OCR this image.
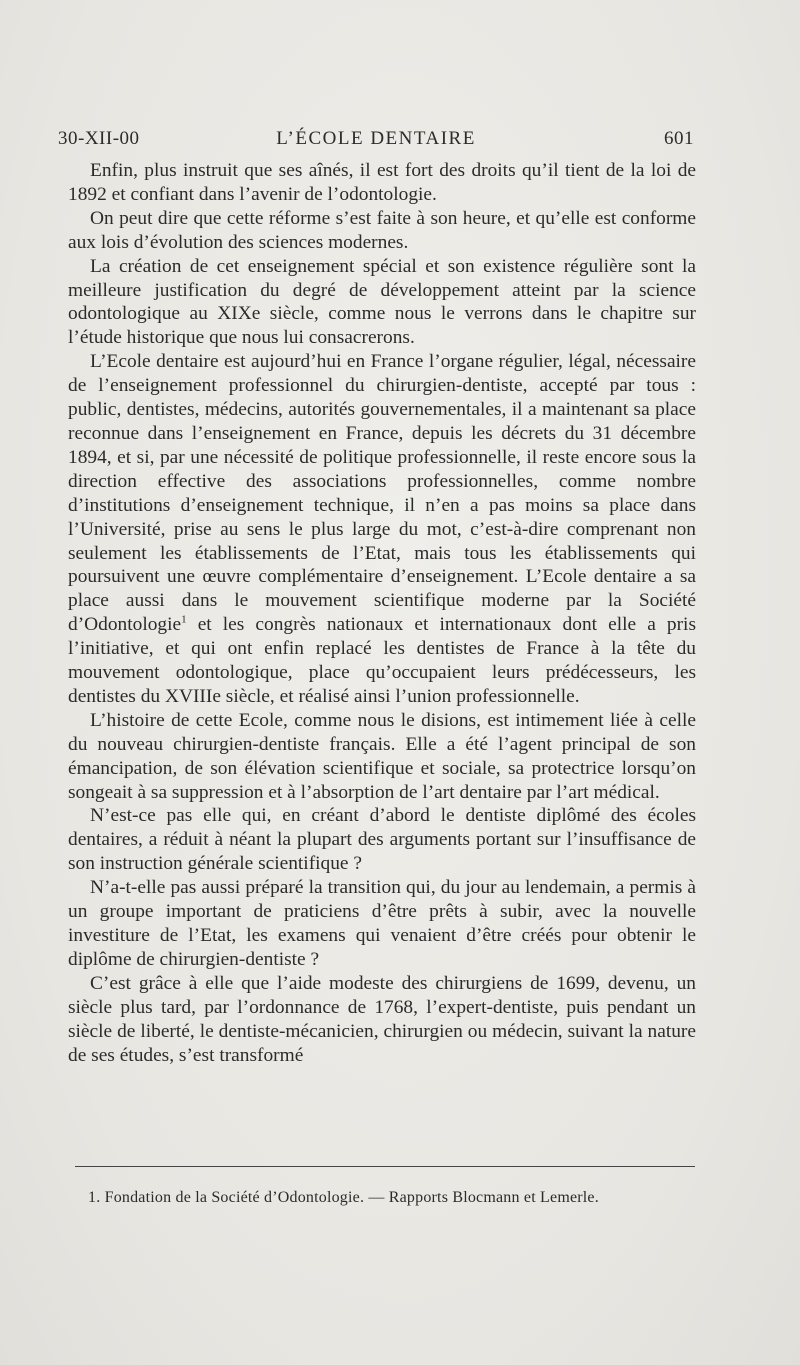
30-XII-00	L’ÉCOLE DENTAIRE	601

Enfin, plus instruit que ses aînés, il est fort des droits qu’il tient de la loi de 1892 et confiant dans l’avenir de l’odontologie.

On peut dire que cette réforme s’est faite à son heure, et qu’elle est conforme aux lois d’évolution des sciences modernes.

La création de cet enseignement spécial et son existence régulière sont la meilleure justification du degré de développement atteint par la science odontologique au XIXe siècle, comme nous le verrons dans le chapitre sur l’étude historique que nous lui consacrerons.

L’Ecole dentaire est aujourd’hui en France l’organe régulier, légal, nécessaire de l’enseignement professionnel du chirurgien-dentiste, accepté par tous : public, dentistes, médecins, autorités gouvernementales, il a maintenant sa place reconnue dans l’enseignement en France, depuis les décrets du 31 décembre 1894, et si, par une nécessité de politique professionnelle, il reste encore sous la direction effective des associations professionnelles, comme nombre d’institutions d’enseignement technique, il n’en a pas moins sa place dans l’Université, prise au sens le plus large du mot, c’est-à-dire comprenant non seulement les établissements de l’Etat, mais tous les établissements qui poursuivent une œuvre complémentaire d’enseignement. L’Ecole dentaire a sa place aussi dans le mouvement scientifique moderne par la Société d’Odontologie$^1$ et les congrès nationaux et internationaux dont elle a pris l’initiative, et qui ont enfin replacé les dentistes de France à la tête du mouvement odontologique, place qu’occupaient leurs prédécesseurs, les dentistes du XVIIIe siècle, et réalisé ainsi l’union professionnelle.

L’histoire de cette Ecole, comme nous le disions, est intimement liée à celle du nouveau chirurgien-dentiste français. Elle a été l’agent principal de son émancipation, de son élévation scientifique et sociale, sa protectrice lorsqu’on songeait à sa suppression et à l’absorption de l’art dentaire par l’art médical.

N’est-ce pas elle qui, en créant d’abord le dentiste diplômé des écoles dentaires, a réduit à néant la plupart des arguments portant sur l’insuffisance de son instruction générale scientifique ?

N’a-t-elle pas aussi préparé la transition qui, du jour au lendemain, a permis à un groupe important de praticiens d’être prêts à subir, avec la nouvelle investiture de l’Etat, les examens qui venaient d’être créés pour obtenir le diplôme de chirurgien-dentiste ?

C’est grâce à elle que l’aide modeste des chirurgiens de 1699, devenu, un siècle plus tard, par l’ordonnance de 1768, l’expert-dentiste, puis pendant un siècle de liberté, le dentiste-mécanicien, chirurgien ou médecin, suivant la nature de ses études, s’est transformé

1. Fondation de la Société d’Odontologie. — Rapports Blocmann et Lemerle.
